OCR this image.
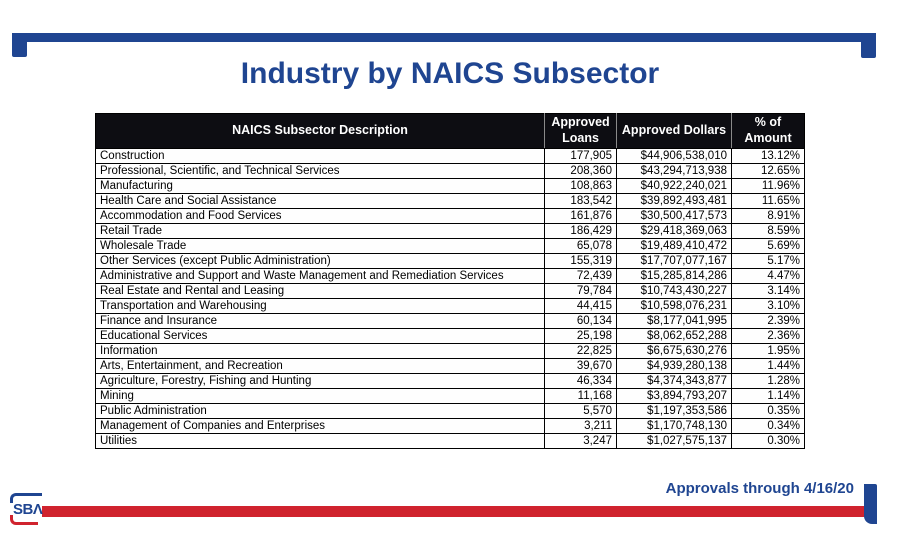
Industry by NAICS Subsector
NAICS Subsector Description	Approved Loans	Approved Dollars	% of Amount
Construction	177,905	$44,906,538,010	13.12%
Professional, Scientific, and Technical Services	208,360	$43,294,713,938	12.65%
Manufacturing	108,863	$40,922,240,021	11.96%
Health Care and Social Assistance	183,542	$39,892,493,481	11.65%
Accommodation and Food Services	161,876	$30,500,417,573	8.91%
Retail Trade	186,429	$29,418,369,063	8.59%
Wholesale Trade	65,078	$19,489,410,472	5.69%
Other Services (except Public Administration)	155,319	$17,707,077,167	5.17%
Administrative and Support and Waste Management and Remediation Services	72,439	$15,285,814,286	4.47%
Real Estate and Rental and Leasing	79,784	$10,743,430,227	3.14%
Transportation and Warehousing	44,415	$10,598,076,231	3.10%
Finance and Insurance	60,134	$8,177,041,995	2.39%
Educational Services	25,198	$8,062,652,288	2.36%
Information	22,825	$6,675,630,276	1.95%
Arts, Entertainment, and Recreation	39,670	$4,939,280,138	1.44%
Agriculture, Forestry, Fishing and Hunting	46,334	$4,374,343,877	1.28%
Mining	11,168	$3,894,793,207	1.14%
Public Administration	5,570	$1,197,353,586	0.35%
Management of Companies and Enterprises	3,211	$1,170,748,130	0.34%
Utilities	3,247	$1,027,575,137	0.30%
Approvals through 4/16/20
SBΛ
